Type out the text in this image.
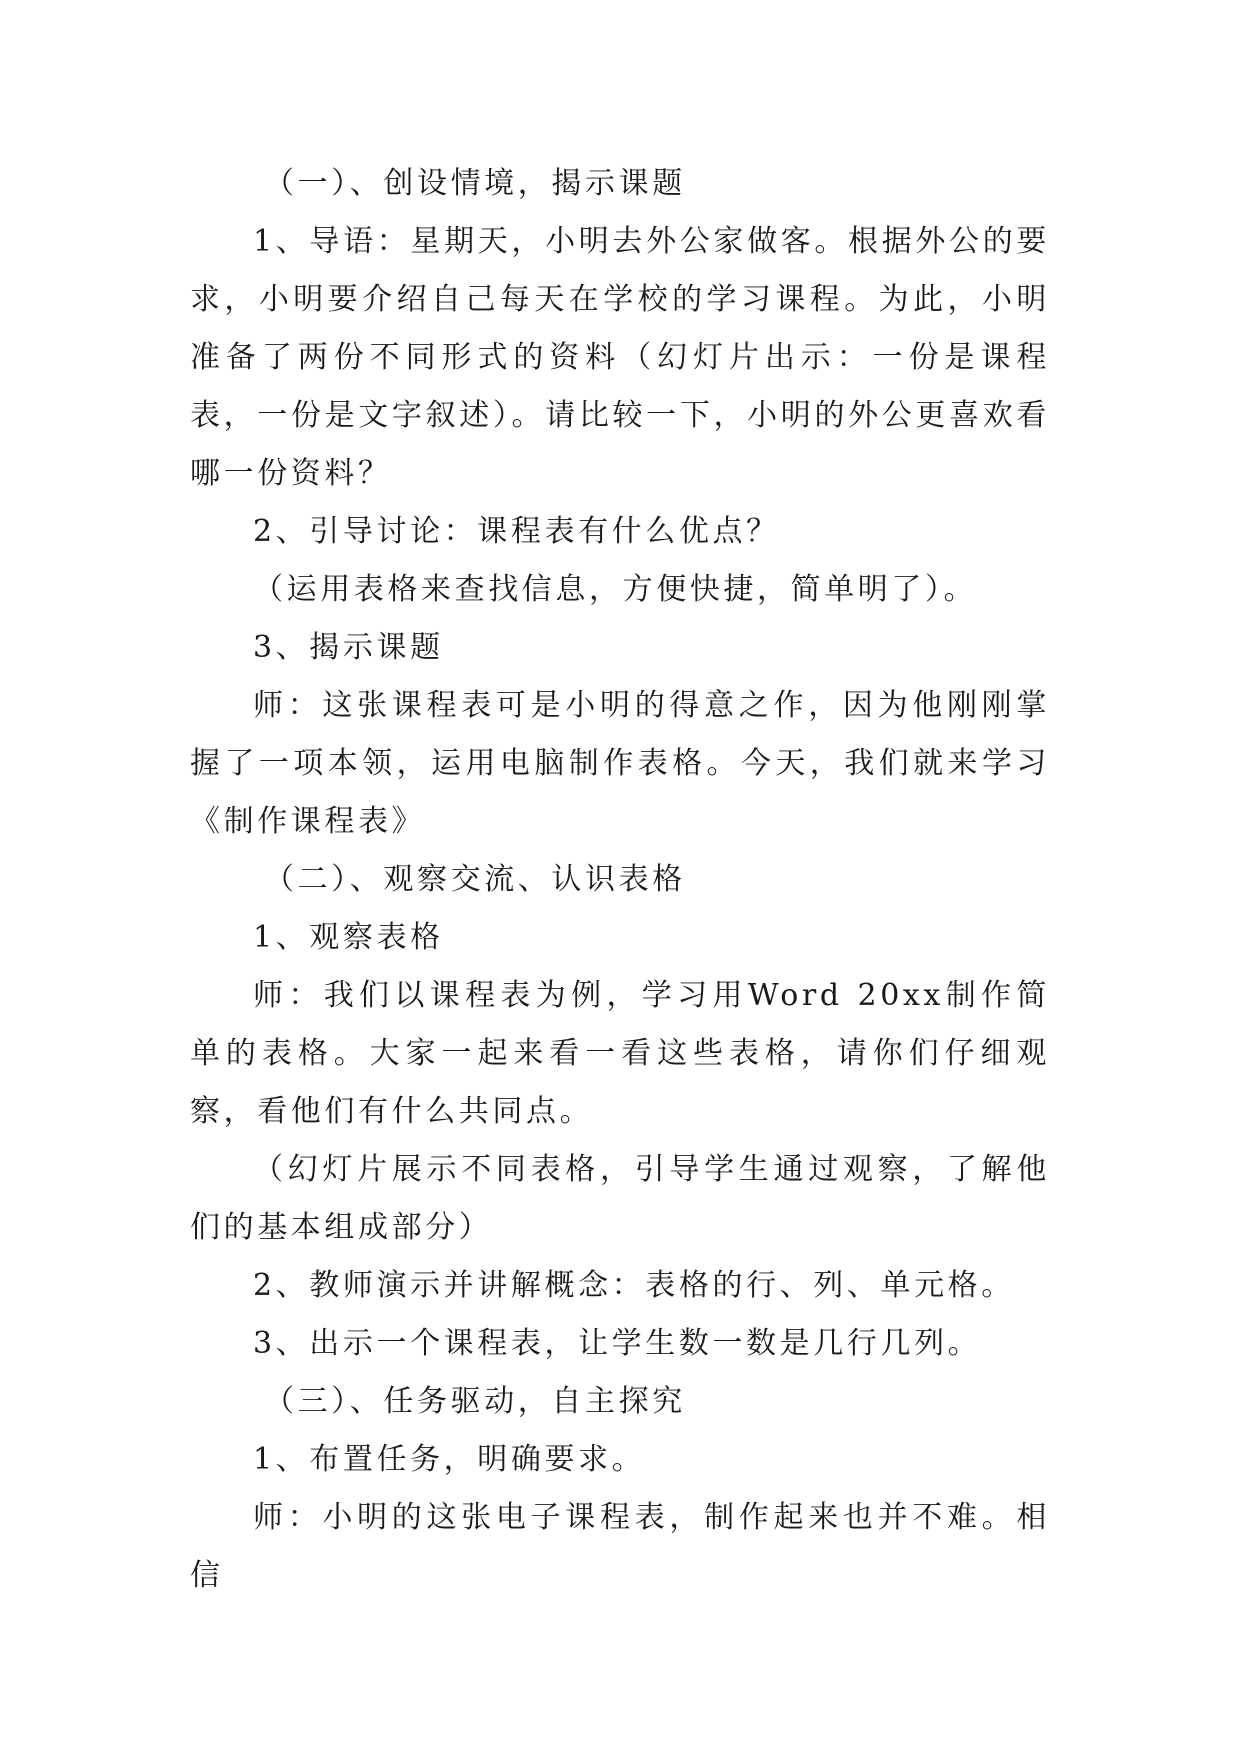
（一）、创设情境，揭示课题

1、导语：星期天，小明去外公家做客。根据外公的要求，小明要介绍自己每天在学校的学习课程。为此，小明准备了两份不同形式的资料（幻灯片出示：一份是课程表，一份是文字叙述）。请比较一下，小明的外公更喜欢看哪一份资料？

2、引导讨论：课程表有什么优点？

（运用表格来查找信息，方便快捷，简单明了）。

3、揭示课题

师：这张课程表可是小明的得意之作，因为他刚刚掌握了一项本领，运用电脑制作表格。今天，我们就来学习《制作课程表》

（二）、观察交流、认识表格

1、观察表格

师：我们以课程表为例，学习用Word 20xx制作简单的表格。大家一起来看一看这些表格，请你们仔细观察，看他们有什么共同点。

（幻灯片展示不同表格，引导学生通过观察，了解他们的基本组成部分）

2、教师演示并讲解概念：表格的行、列、单元格。

3、出示一个课程表，让学生数一数是几行几列。

（三）、任务驱动，自主探究

1、布置任务，明确要求。

师：小明的这张电子课程表，制作起来也并不难。相信
